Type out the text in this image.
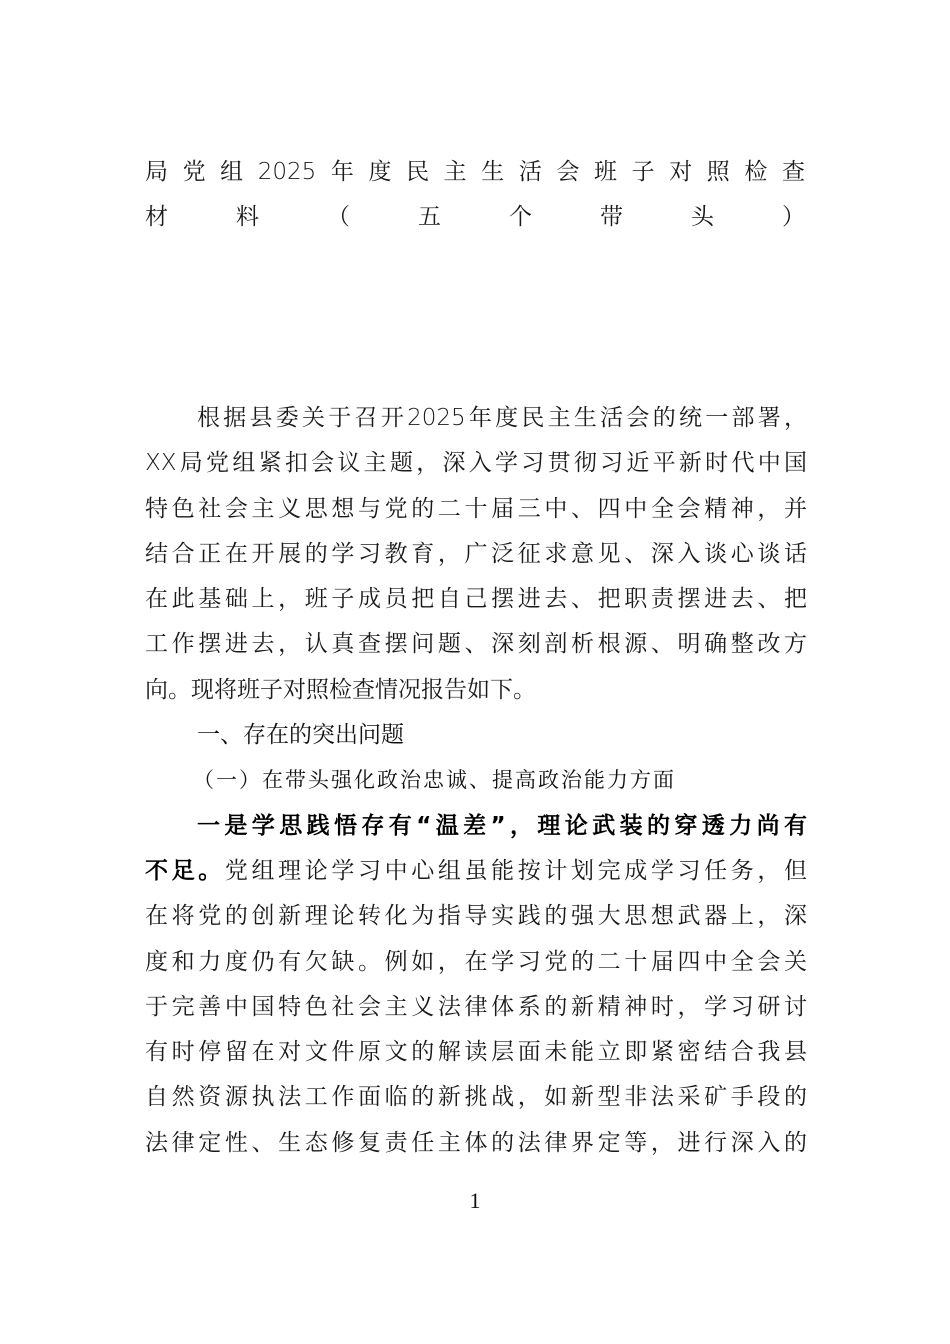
局党组2025年度民主生活会班子对照检查
材料（五个带头）
根据县委关于召开2025年度民主生活会的统一部署，
XX局党组紧扣会议主题，深入学习贯彻习近平新时代中国
特色社会主义思想与党的二十届三中、四中全会精神，并
结合正在开展的学习教育，广泛征求意见、深入谈心谈话
在此基础上，班子成员把自己摆进去、把职责摆进去、把
工作摆进去，认真查摆问题、深刻剖析根源、明确整改方
向。现将班子对照检查情况报告如下。
一、存在的突出问题
（一）在带头强化政治忠诚、提高政治能力方面
一是学思践悟存有“温差”，理论武装的穿透力尚有
不足。党组理论学习中心组虽能按计划完成学习任务，但
在将党的创新理论转化为指导实践的强大思想武器上，深
度和力度仍有欠缺。例如，在学习党的二十届四中全会关
于完善中国特色社会主义法律体系的新精神时，学习研讨
有时停留在对文件原文的解读层面未能立即紧密结合我县
自然资源执法工作面临的新挑战，如新型非法采矿手段的
法律定性、生态修复责任主体的法律界定等，进行深入的
1
